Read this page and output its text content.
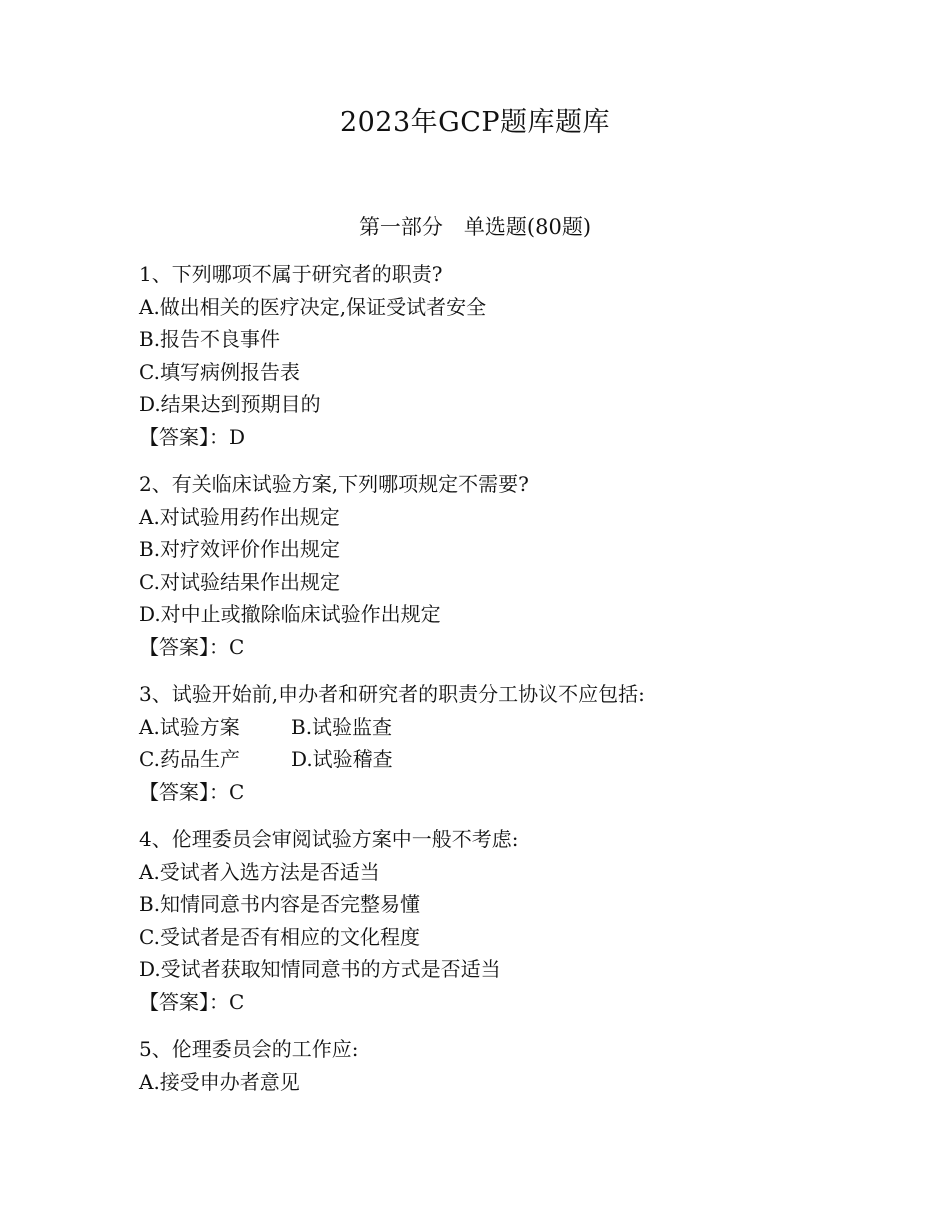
2023年GCP题库题库
第一部分　单选题(80题)
1、下列哪项不属于研究者的职责?
A.做出相关的医疗决定,保证受试者安全
B.报告不良事件
C.填写病例报告表
D.结果达到预期目的
【答案】：D
2、有关临床试验方案,下列哪项规定不需要?
A.对试验用药作出规定
B.对疗效评价作出规定
C.对试验结果作出规定
D.对中止或撤除临床试验作出规定
【答案】：C
3、试验开始前,申办者和研究者的职责分工协议不应包括:
A.试验方案	B.试验监查
C.药品生产	D.试验稽查
【答案】：C
4、伦理委员会审阅试验方案中一般不考虑:
A.受试者入选方法是否适当
B.知情同意书内容是否完整易懂
C.受试者是否有相应的文化程度
D.受试者获取知情同意书的方式是否适当
【答案】：C
5、伦理委员会的工作应:
A.接受申办者意见
